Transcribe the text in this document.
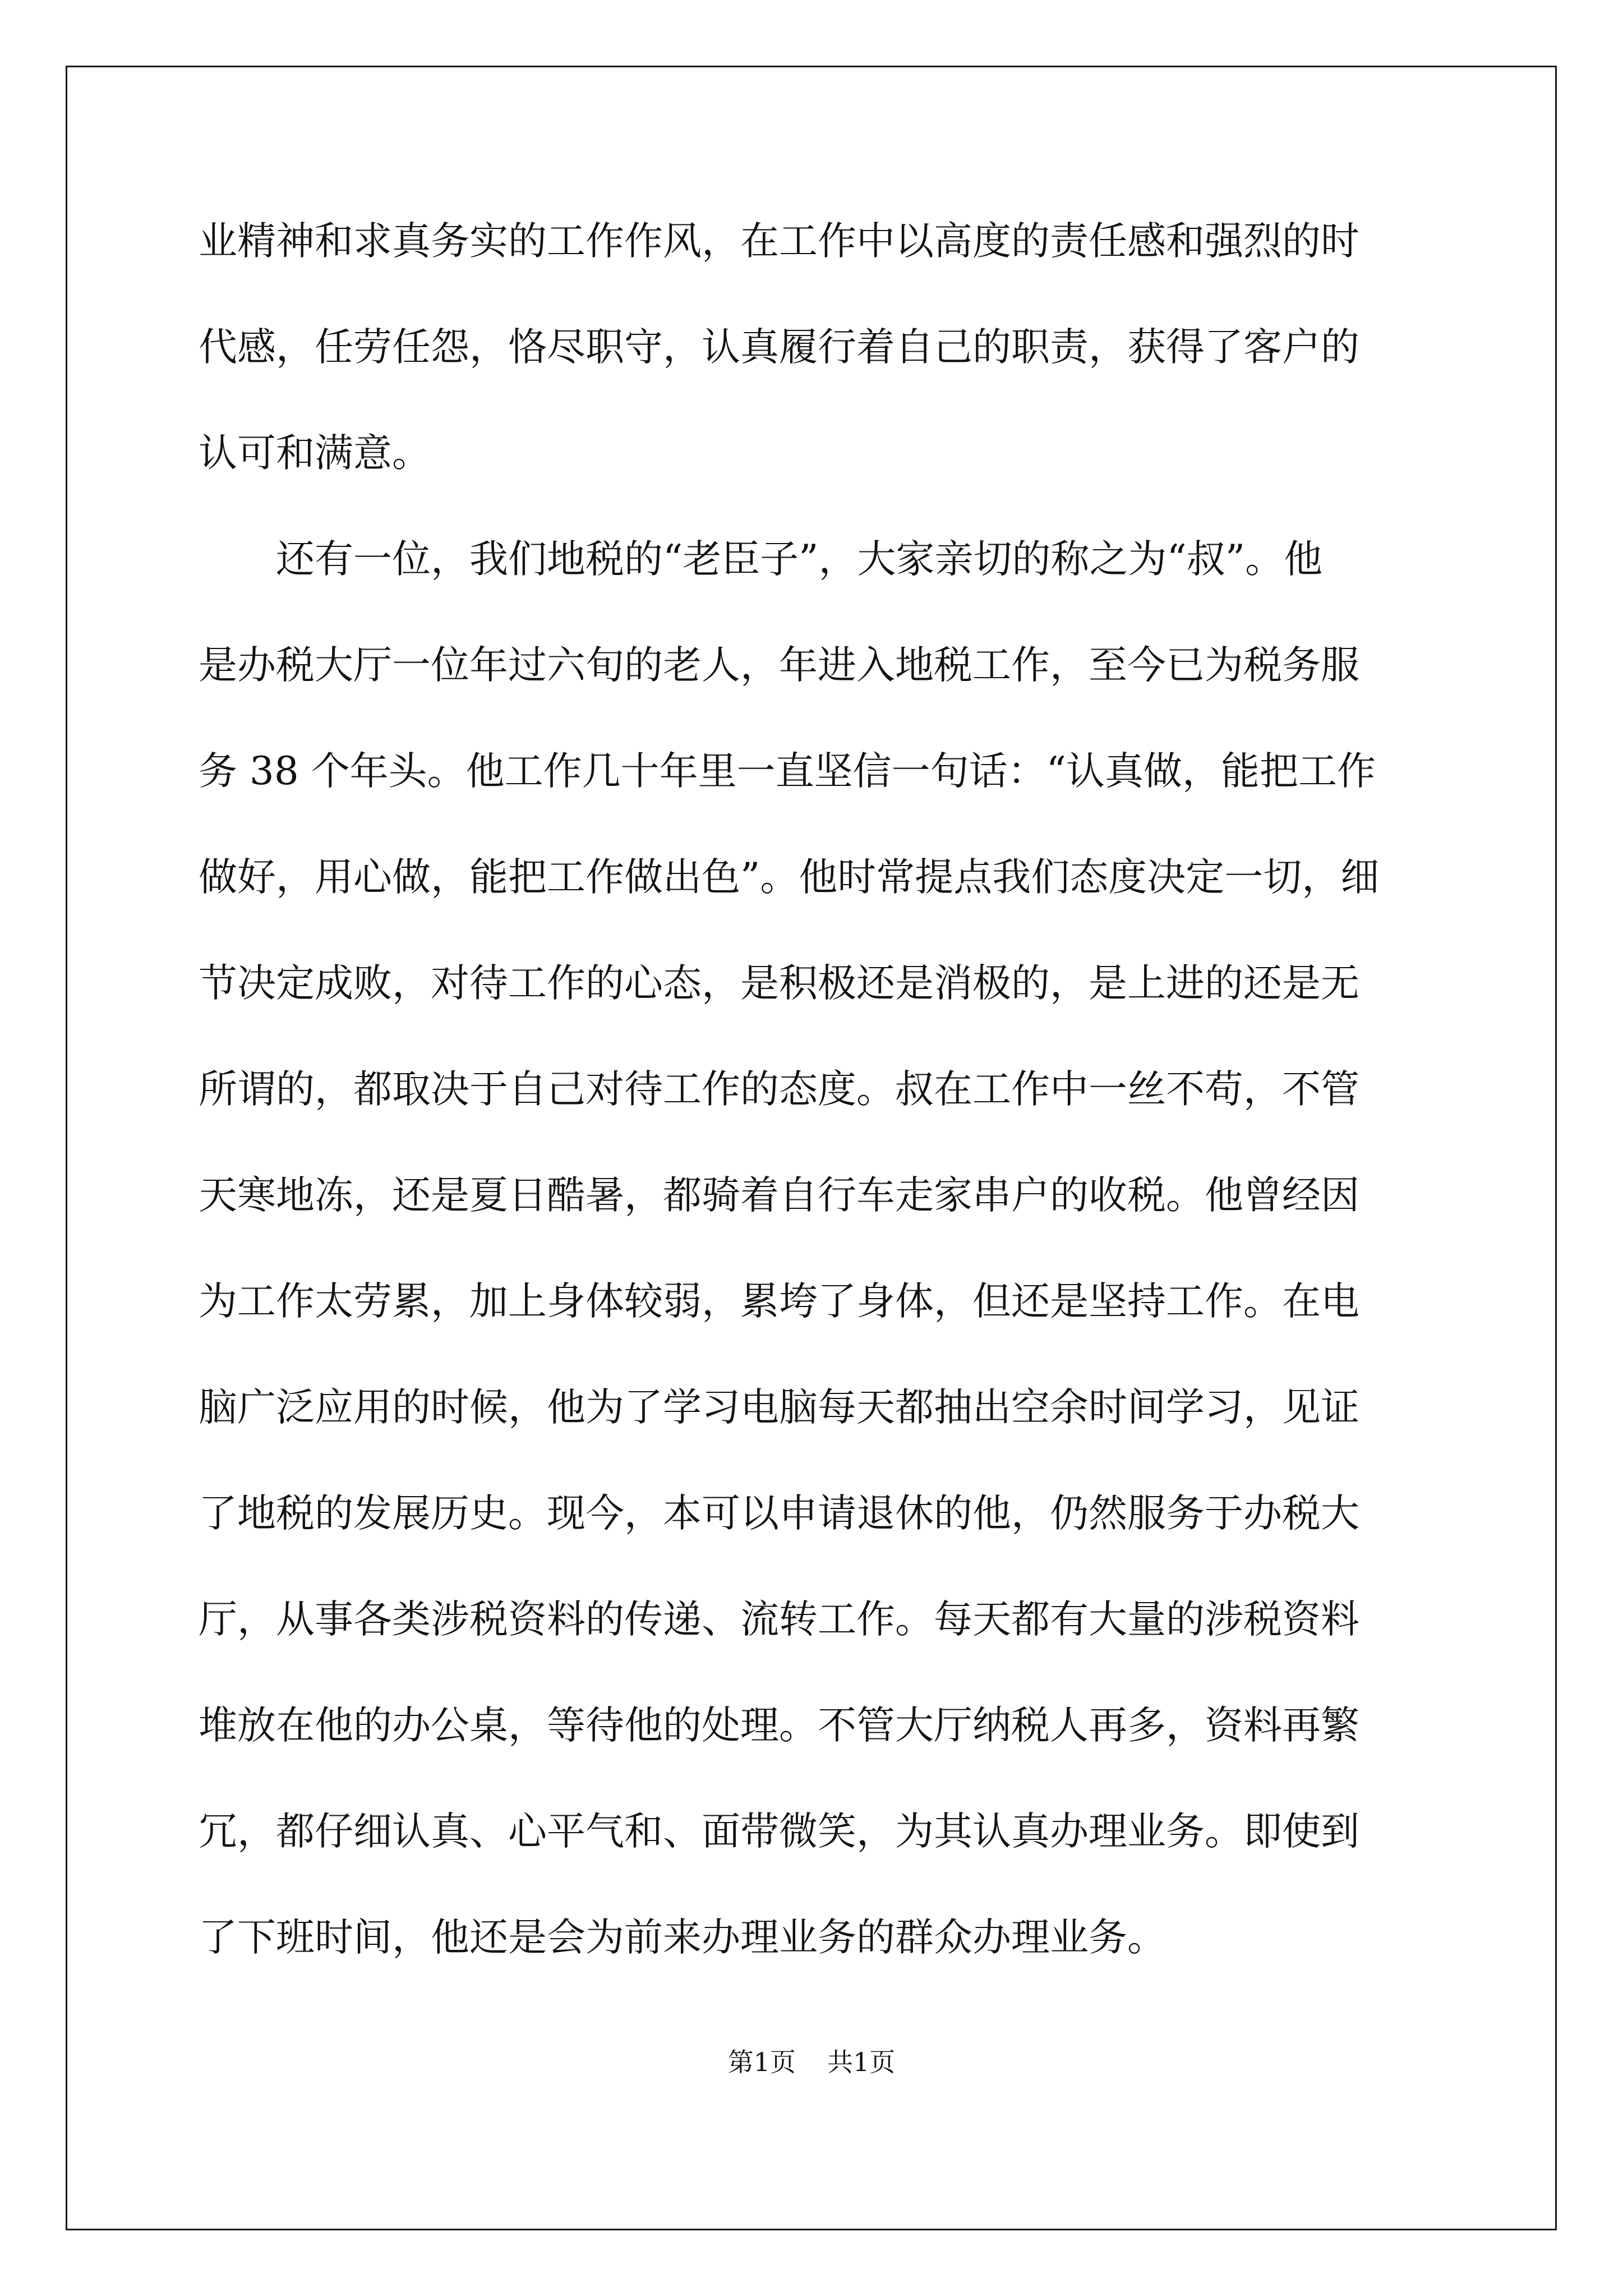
业精神和求真务实的工作作风，在工作中以高度的责任感和强烈的时
代感，任劳任怨，恪尽职守，认真履行着自己的职责，获得了客户的
认可和满意。
　　还有一位，我们地税的“老臣子”，大家亲切的称之为“叔”。他
是办税大厅一位年过六旬的老人，年进入地税工作，至今已为税务服
务 38 个年头。他工作几十年里一直坚信一句话：“认真做，能把工作
做好，用心做，能把工作做出色”。他时常提点我们态度决定一切，细
节决定成败，对待工作的心态，是积极还是消极的，是上进的还是无
所谓的，都取决于自己对待工作的态度。叔在工作中一丝不苟，不管
天寒地冻，还是夏日酷暑，都骑着自行车走家串户的收税。他曾经因
为工作太劳累，加上身体较弱，累垮了身体，但还是坚持工作。在电
脑广泛应用的时候，他为了学习电脑每天都抽出空余时间学习，见证
了地税的发展历史。现今，本可以申请退休的他，仍然服务于办税大
厅，从事各类涉税资料的传递、流转工作。每天都有大量的涉税资料
堆放在他的办公桌，等待他的处理。不管大厅纳税人再多，资料再繁
冗，都仔细认真、心平气和、面带微笑，为其认真办理业务。即使到
了下班时间，他还是会为前来办理业务的群众办理业务。
第1页 共1页
